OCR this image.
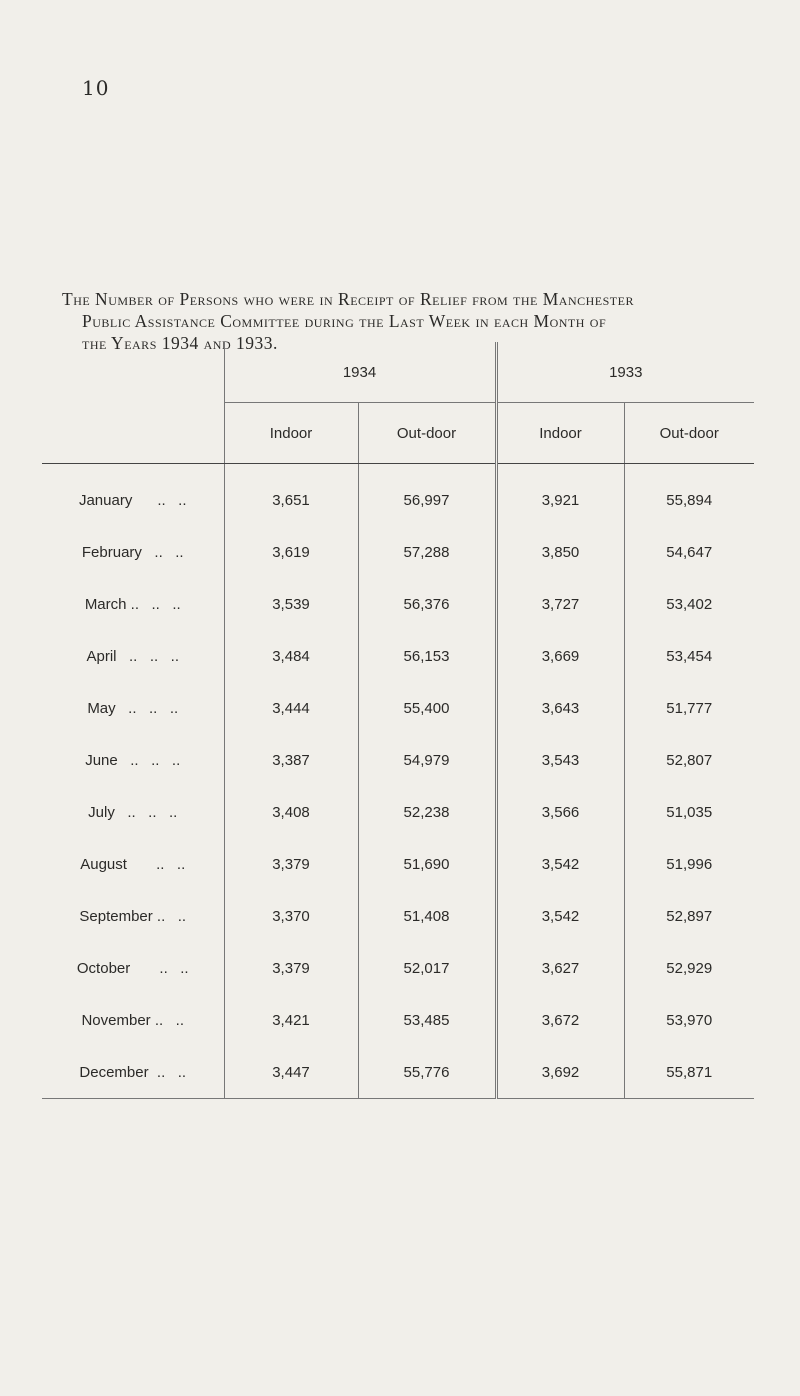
10
The Number of Persons who were in Receipt of Relief from the Manchester
Public Assistance Committee during the Last Week in each Month of
the Years 1934 and 1933.
	1934		1933	
	Indoor	Out-door	Indoor	Out-door
January      ..   ..	3,651	56,997	3,921	55,894
February   ..   ..	3,619	57,288	3,850	54,647
March ..   ..   ..	3,539	56,376	3,727	53,402
April   ..   ..   ..	3,484	56,153	3,669	53,454
May   ..   ..   ..	3,444	55,400	3,643	51,777
June   ..   ..   ..	3,387	54,979	3,543	52,807
July   ..   ..   ..	3,408	52,238	3,566	51,035
August       ..   ..	3,379	51,690	3,542	51,996
September ..   ..	3,370	51,408	3,542	52,897
October       ..   ..	3,379	52,017	3,627	52,929
November ..   ..	3,421	53,485	3,672	53,970
December  ..   ..	3,447	55,776	3,692	55,871
